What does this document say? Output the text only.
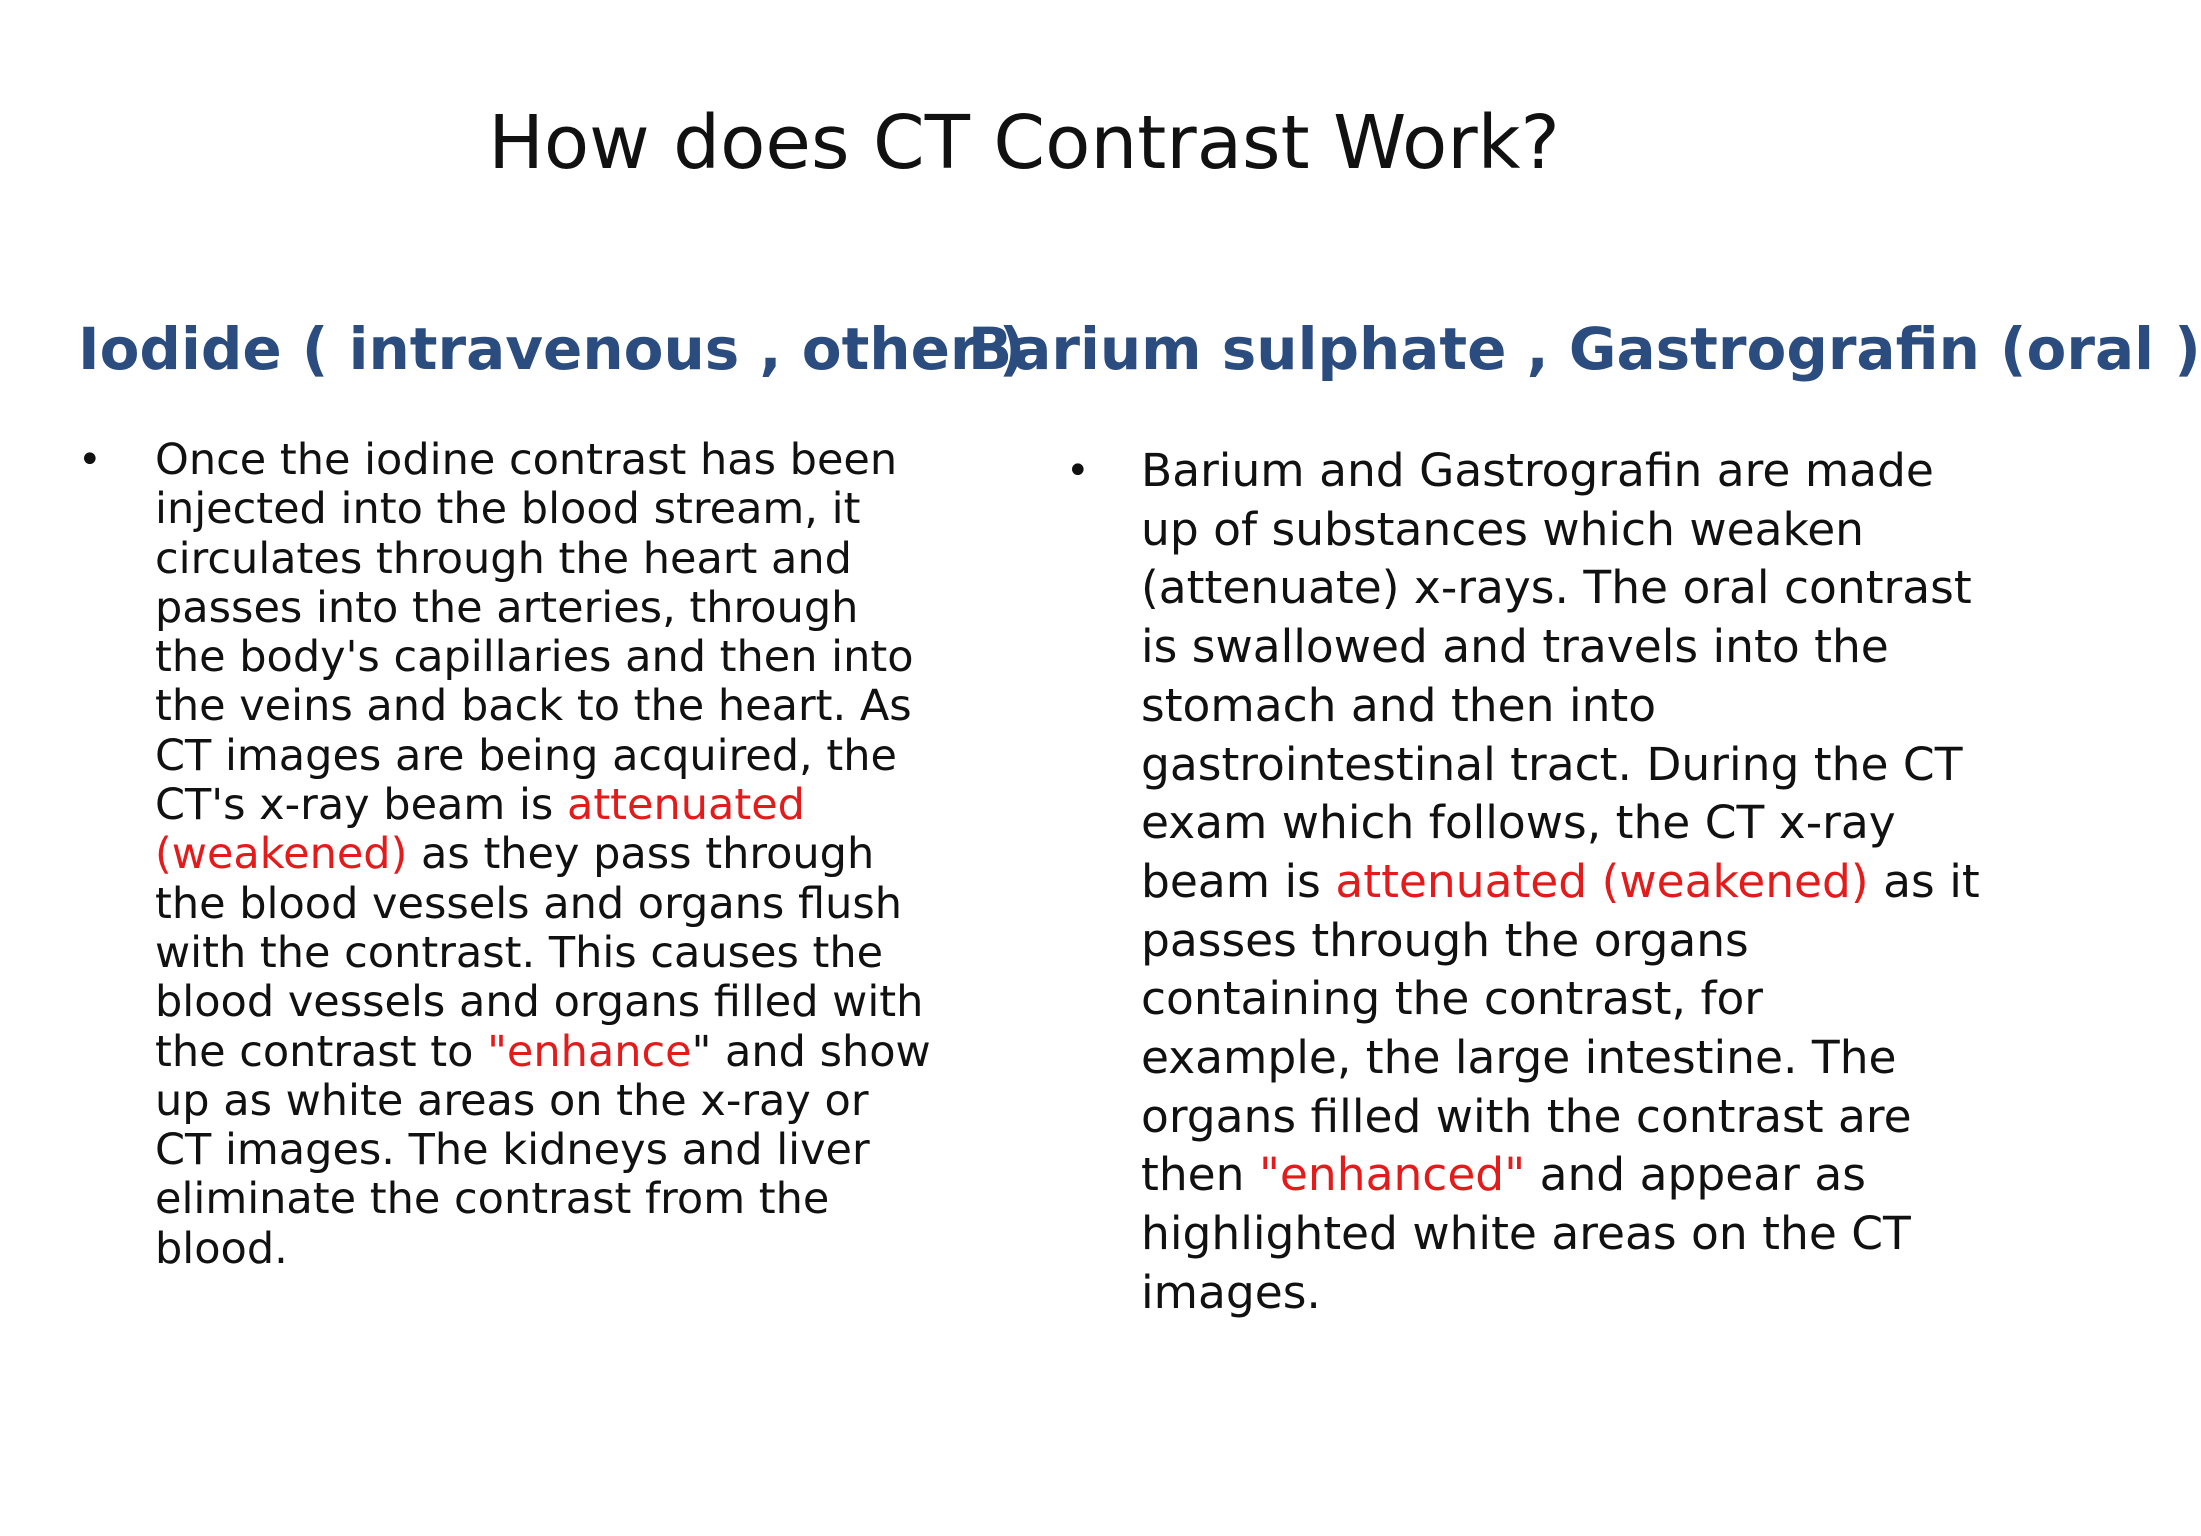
How does CT Contrast Work?
Iodide ( intravenous , other )
Barium sulphate , Gastrografin (oral )
• Once the iodine contrast has been injected into the blood stream, it circulates through the heart and passes into the arteries, through the body's capillaries and then into the veins and back to the heart. As CT images are being acquired, the CT's x-ray beam is attenuated (weakened) as they pass through the blood vessels and organs flush with the contrast. This causes the blood vessels and organs filled with the contrast to "enhance" and show up as white areas on the x-ray or CT images. The kidneys and liver eliminate the contrast from the blood.

• Barium and Gastrografin are made up of substances which weaken (attenuate) x-rays. The oral contrast is swallowed and travels into the stomach and then into gastrointestinal tract. During the CT exam which follows, the CT x-ray beam is attenuated (weakened) as it passes through the organs containing the contrast, for example, the large intestine. The organs filled with the contrast are then "enhanced" and appear as highlighted white areas on the CT images.
